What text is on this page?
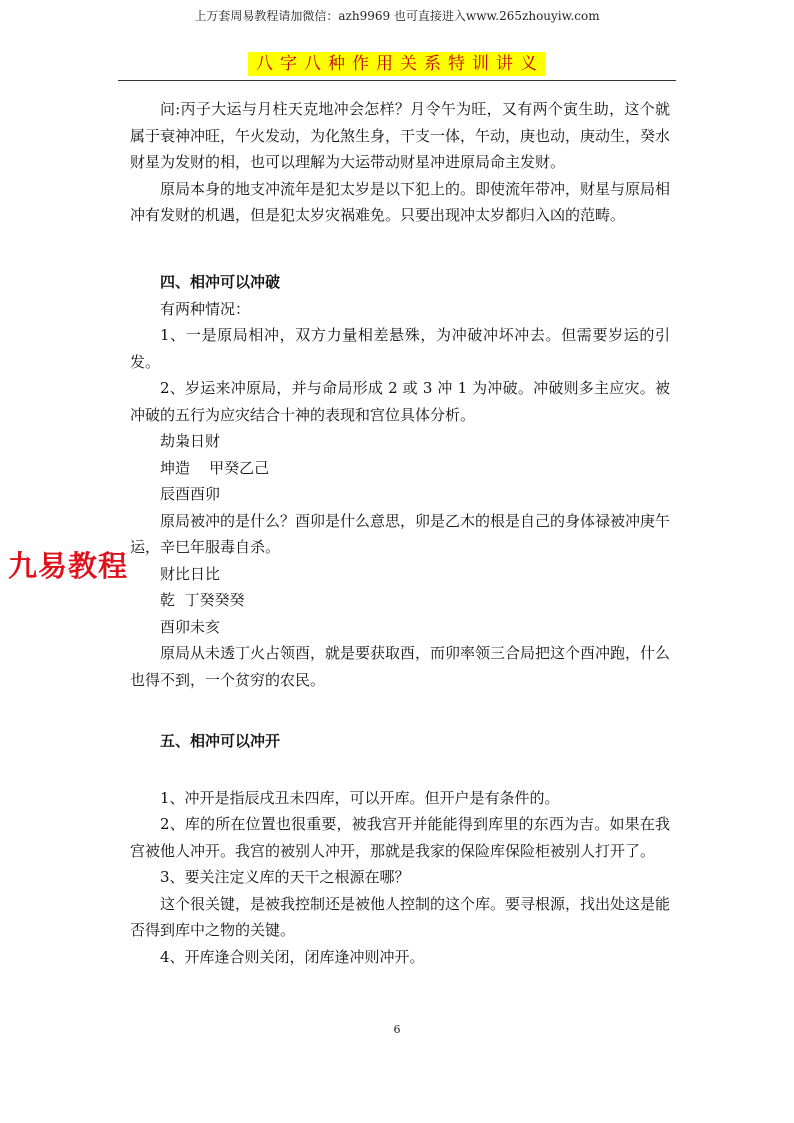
上万套周易教程请加微信：azh9969 也可直接进入www.265zhouyiw.com
八字八种作用关系特训讲义

问:丙子大运与月柱天克地冲会怎样？月令午为旺，又有两个寅生助，这个就属于衰神冲旺，午火发动，为化煞生身，干支一体，午动，庚也动，庚动生，癸水财星为发财的相，也可以理解为大运带动财星冲进原局命主发财。

原局本身的地支冲流年是犯太岁是以下犯上的。即使流年带冲，财星与原局相冲有发财的机遇，但是犯太岁灾祸难免。只要出现冲太岁都归入凶的范畴。

四、相冲可以冲破

有两种情况：

1、一是原局相冲，双方力量相差悬殊，为冲破冲坏冲去。但需要岁运的引发。

2、岁运来冲原局，并与命局形成 2 或 3 冲 1 为冲破。冲破则多主应灾。被冲破的五行为应灾结合十神的表现和宫位具体分析。

劫枭日财

坤造    甲癸乙己

辰酉酉卯

原局被冲的是什么？酉卯是什么意思，卯是乙木的根是自己的身体禄被冲庚午运，辛巳年服毒自杀。

财比日比

乾  丁癸癸癸

酉卯未亥

原局从未透丁火占领酉，就是要获取酉，而卯率领三合局把这个酉冲跑，什么也得不到，一个贫穷的农民。

五、相冲可以冲开

1、冲开是指辰戌丑未四库，可以开库。但开户是有条件的。

2、库的所在位置也很重要，被我宫开并能能得到库里的东西为吉。如果在我宫被他人冲开。我宫的被别人冲开，那就是我家的保险库保险柜被别人打开了。

3、要关注定义库的天干之根源在哪？

这个很关键，是被我控制还是被他人控制的这个库。要寻根源，找出处这是能否得到库中之物的关键。

4、开库逢合则关闭，闭库逢冲则冲开。

九易教程
6
